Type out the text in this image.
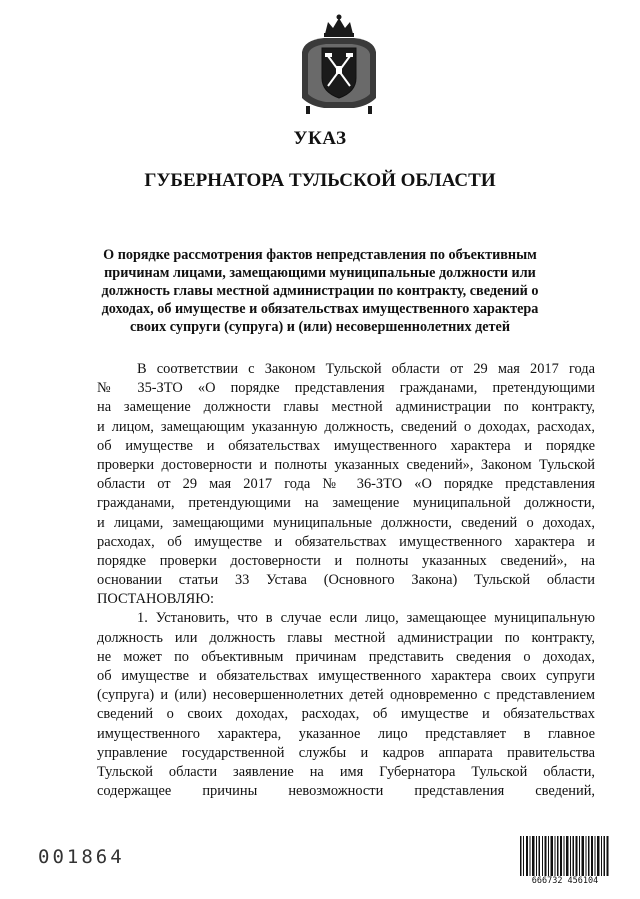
УКАЗ
ГУБЕРНАТОРА ТУЛЬСКОЙ ОБЛАСТИ
О порядке рассмотрения фактов непредставления по объективным
причинам лицами, замещающими муниципальные должности или
должность главы местной администрации по контракту, сведений о
доходах, об имуществе и обязательствах имущественного характера
своих супруги (супруга) и (или) несовершеннолетних детей
В соответствии с Законом Тульской области от 29 мая 2017 года
№ 35-ЗТО «О порядке представления гражданами, претендующими
на замещение должности главы местной администрации по контракту,
и лицом, замещающим указанную должность, сведений о доходах, расходах,
об имуществе и обязательствах имущественного характера и порядке
проверки достоверности и полноты указанных сведений», Законом Тульской
области от 29 мая 2017 года № 36-ЗТО «О порядке представления
гражданами, претендующими на замещение муниципальной должности,
и лицами, замещающими муниципальные должности, сведений о доходах,
расходах, об имуществе и обязательствах имущественного характера и
порядке проверки достоверности и полноты указанных сведений», на
основании статьи 33 Устава (Основного Закона) Тульской области
ПОСТАНОВЛЯЮ:
1. Установить, что в случае если лицо, замещающее муниципальную
должность или должность главы местной администрации по контракту,
не может по объективным причинам представить сведения о доходах,
об имуществе и обязательствах имущественного характера своих супруги
(супруга) и (или) несовершеннолетних детей одновременно с представлением
сведений о своих доходах, расходах, об имуществе и обязательствах
имущественного характера, указанное лицо представляет в главное
управление государственной службы и кадров аппарата правительства
Тульской области заявление на имя Губернатора Тульской области,
содержащее причины невозможности представления сведений,
001864
666732 456104
